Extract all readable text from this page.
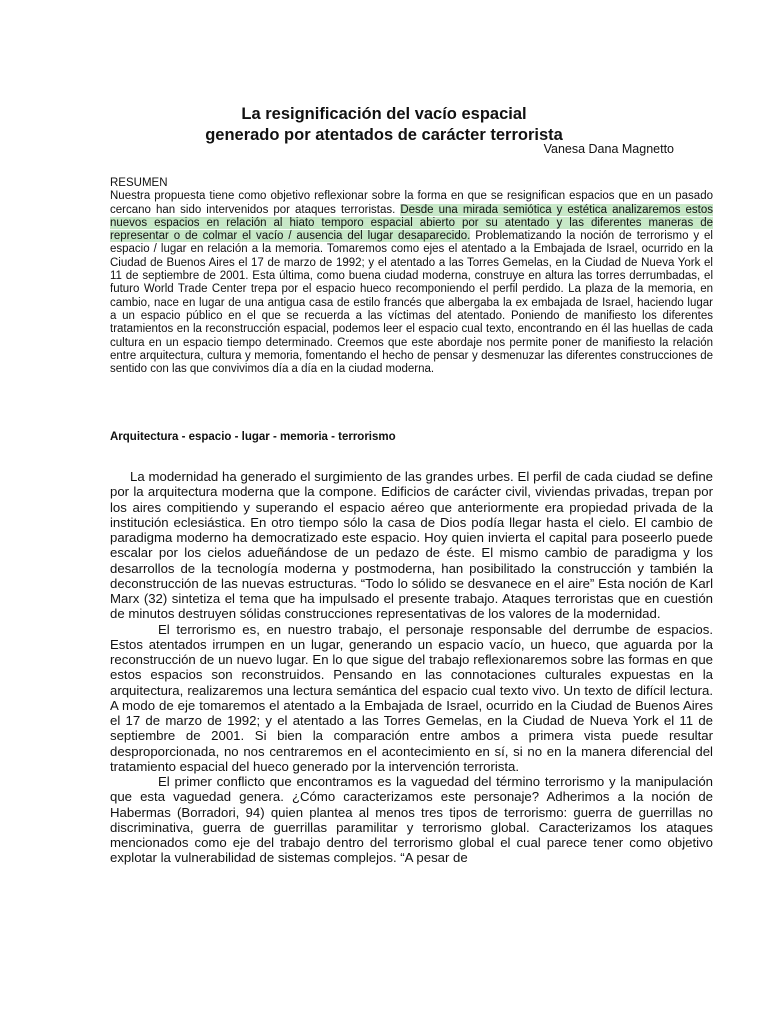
La resignificación del vacío espacial
generado por atentados de carácter terrorista
Vanesa Dana Magnetto
RESUMEN
Nuestra propuesta tiene como objetivo reflexionar sobre la forma en que se resignifican espacios que en un pasado cercano han sido intervenidos por ataques terroristas. Desde una mirada semiótica y estética analizaremos estos nuevos espacios en relación al hiato temporo espacial abierto por su atentado y las diferentes maneras de representar o de colmar el vacío / ausencia del lugar desaparecido. Problematizando la noción de terrorismo y el espacio / lugar en relación a la memoria. Tomaremos como ejes el atentado a la Embajada de Israel, ocurrido en la Ciudad de Buenos Aires el 17 de marzo de 1992; y el atentado a las Torres Gemelas, en la Ciudad de Nueva York el 11 de septiembre de 2001. Esta última, como buena ciudad moderna, construye en altura las torres derrumbadas, el futuro World Trade Center trepa por el espacio hueco recomponiendo el perfil perdido. La plaza de la memoria, en cambio, nace en lugar de una antigua casa de estilo francés que albergaba la ex embajada de Israel, haciendo lugar a un espacio público en el que se recuerda a las víctimas del atentado. Poniendo de manifiesto los diferentes tratamientos en la reconstrucción espacial, podemos leer el espacio cual texto, encontrando en él las huellas de cada cultura en un espacio tiempo determinado. Creemos que este abordaje nos permite poner de manifiesto la relación entre arquitectura, cultura y memoria, fomentando el hecho de pensar y desmenuzar las diferentes construcciones de sentido con las que convivimos día a día en la ciudad moderna.
Arquitectura - espacio - lugar - memoria - terrorismo

La modernidad ha generado el surgimiento de las grandes urbes. El perfil de cada ciudad se define por la arquitectura moderna que la compone. Edificios de carácter civil, viviendas privadas, trepan por los aires compitiendo y superando el espacio aéreo que anteriormente era propiedad privada de la institución eclesiástica. En otro tiempo sólo la casa de Dios podía llegar hasta el cielo. El cambio de paradigma moderno ha democratizado este espacio. Hoy quien invierta el capital para poseerlo puede escalar por los cielos adueñándose de un pedazo de éste. El mismo cambio de paradigma y los desarrollos de la tecnología moderna y postmoderna, han posibilitado la construcción y también la deconstrucción de las nuevas estructuras. “Todo lo sólido se desvanece en el aire” Esta noción de Karl Marx (32) sintetiza el tema que ha impulsado el presente trabajo. Ataques terroristas que en cuestión de minutos destruyen sólidas construcciones representativas de los valores de la modernidad.

El terrorismo es, en nuestro trabajo, el personaje responsable del derrumbe de espacios. Estos atentados irrumpen en un lugar, generando un espacio vacío, un hueco, que aguarda por la reconstrucción de un nuevo lugar. En lo que sigue del trabajo reflexionaremos sobre las formas en que estos espacios son reconstruidos. Pensando en las connotaciones culturales expuestas en la arquitectura, realizaremos una lectura semántica del espacio cual texto vivo. Un texto de difícil lectura. A modo de eje tomaremos el atentado a la Embajada de Israel, ocurrido en la Ciudad de Buenos Aires el 17 de marzo de 1992; y el atentado a las Torres Gemelas, en la Ciudad de Nueva York el 11 de septiembre de 2001. Si bien la comparación entre ambos a primera vista puede resultar desproporcionada, no nos centraremos en el acontecimiento en sí, si no en la manera diferencial del tratamiento espacial del hueco generado por la intervención terrorista.

El primer conflicto que encontramos es la vaguedad del término terrorismo y la manipulación que esta vaguedad genera. ¿Cómo caracterizamos este personaje? Adherimos a la noción de Habermas (Borradori, 94) quien plantea al menos tres tipos de terrorismo: guerra de guerrillas no discriminativa, guerra de guerrillas paramilitar y terrorismo global. Caracterizamos los ataques mencionados como eje del trabajo dentro del terrorismo global el cual parece tener como objetivo explotar la vulnerabilidad de sistemas complejos. “A pesar de
